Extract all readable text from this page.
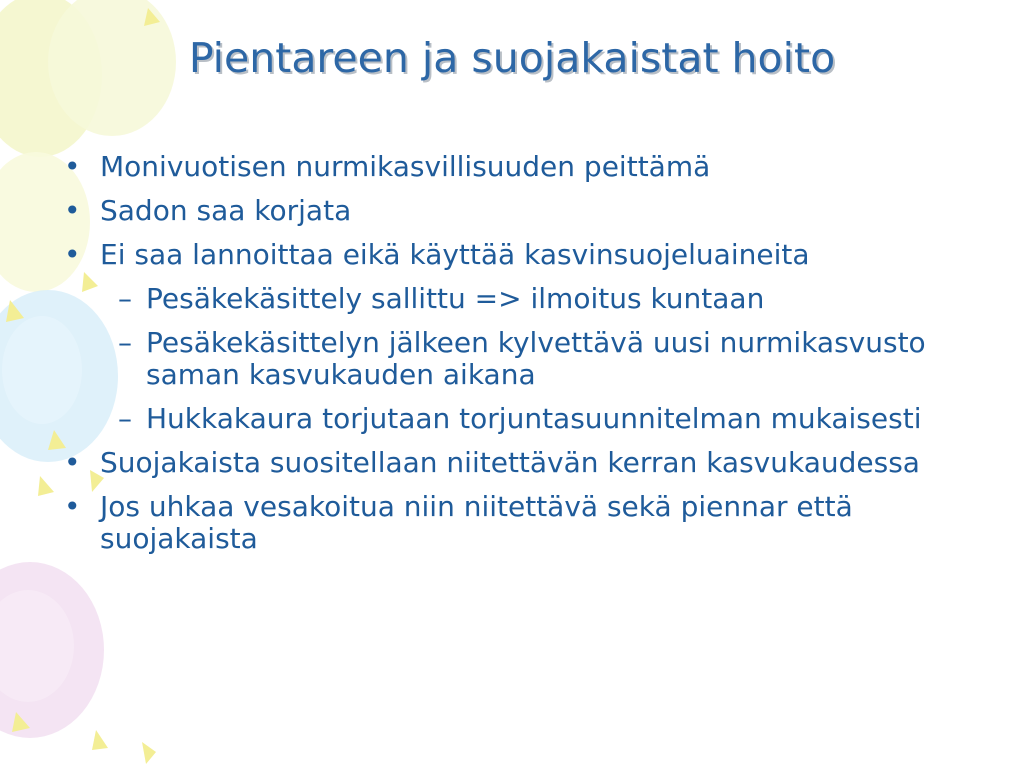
Pientareen ja suojakaistat hoito
• Monivuotisen nurmikasvillisuuden peittämä
• Sadon saa korjata
• Ei saa lannoittaa eikä käyttää kasvinsuojeluaineita
– Pesäkekäsittely sallittu => ilmoitus kuntaan
– Pesäkekäsittelyn jälkeen kylvettävä uusi nurmikasvusto saman kasvukauden aikana
– Hukkakaura torjutaan torjuntasuunnitelman mukaisesti
• Suojakaista suositellaan niitettävän kerran kasvukaudessa
• Jos uhkaa vesakoitua niin niitettävä sekä piennar että suojakaista
